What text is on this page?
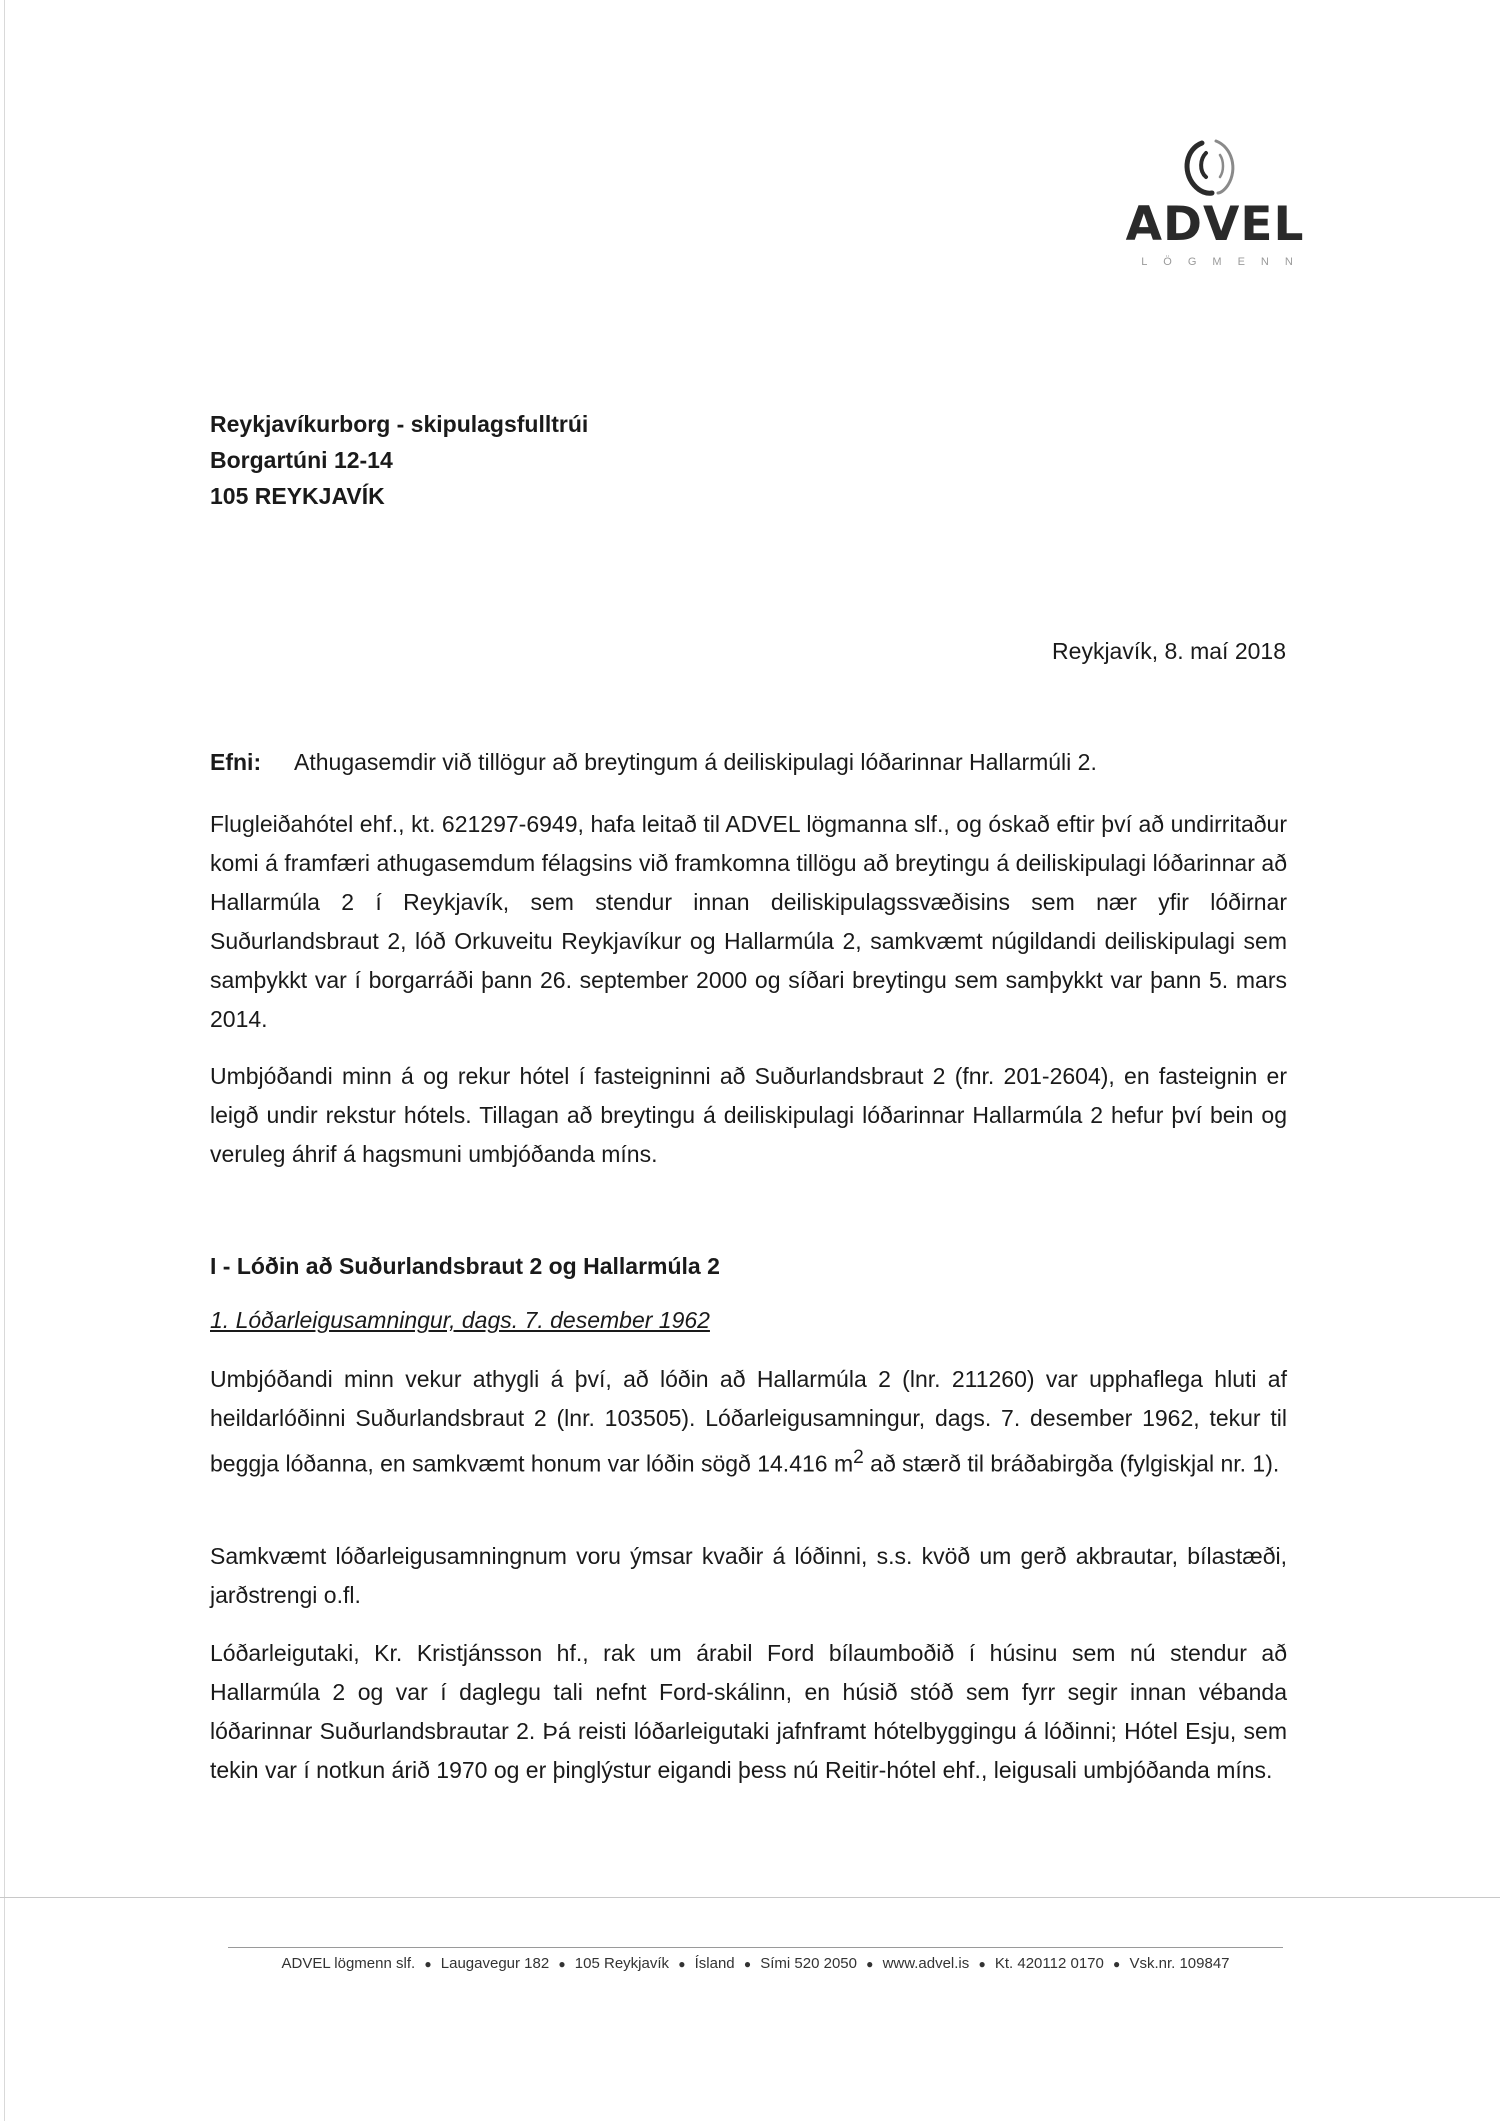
ADVEL
LÖGMENN
Reykjavíkurborg - skipulagsfulltrúi
Borgartúni 12-14
105 REYKJAVÍK
Reykjavík, 8. maí 2018
Efni: Athugasemdir við tillögur að breytingum á deiliskipulagi lóðarinnar Hallarmúli 2.
Flugleiðahótel ehf., kt. 621297-6949, hafa leitað til ADVEL lögmanna slf., og óskað eftir því að undirritaður komi á framfæri athugasemdum félagsins við framkomna tillögu að breytingu á deiliskipulagi lóðarinnar að Hallarmúla 2 í Reykjavík, sem stendur innan deiliskipulagssvæðisins sem nær yfir lóðirnar Suðurlandsbraut 2, lóð Orkuveitu Reykjavíkur og Hallarmúla 2, samkvæmt núgildandi deiliskipulagi sem samþykkt var í borgarráði þann 26. september 2000 og síðari breytingu sem samþykkt var þann 5. mars 2014.
Umbjóðandi minn á og rekur hótel í fasteigninni að Suðurlandsbraut 2 (fnr. 201-2604), en fasteignin er leigð undir rekstur hótels. Tillagan að breytingu á deiliskipulagi lóðarinnar Hallarmúla 2 hefur því bein og veruleg áhrif á hagsmuni umbjóðanda míns.
I - Lóðin að Suðurlandsbraut 2 og Hallarmúla 2
1. Lóðarleigusamningur, dags. 7. desember 1962
Umbjóðandi minn vekur athygli á því, að lóðin að Hallarmúla 2 (lnr. 211260) var upphaflega hluti af heildarlóðinni Suðurlandsbraut 2 (lnr. 103505). Lóðarleigusamningur, dags. 7. desember 1962, tekur til beggja lóðanna, en samkvæmt honum var lóðin sögð 14.416 $m^2$ að stærð til bráðabirgða (fylgiskjal nr. 1).
Samkvæmt lóðarleigusamningnum voru ýmsar kvaðir á lóðinni, s.s. kvöð um gerð akbrautar, bílastæði, jarðstrengi o.fl.
Lóðarleigutaki, Kr. Kristjánsson hf., rak um árabil Ford bílaumboðið í húsinu sem nú stendur að Hallarmúla 2 og var í daglegu tali nefnt Ford-skálinn, en húsið stóð sem fyrr segir innan vébanda lóðarinnar Suðurlandsbrautar 2. Þá reisti lóðarleigutaki jafnframt hótelbyggingu á lóðinni; Hótel Esju, sem tekin var í notkun árið 1970 og er þinglýstur eigandi þess nú Reitir-hótel ehf., leigusali umbjóðanda míns.
ADVEL lögmenn slf. ● Laugavegur 182 ● 105 Reykjavík ● Ísland ● Sími 520 2050 ● www.advel.is ● Kt. 420112 0170 ● Vsk.nr. 109847
